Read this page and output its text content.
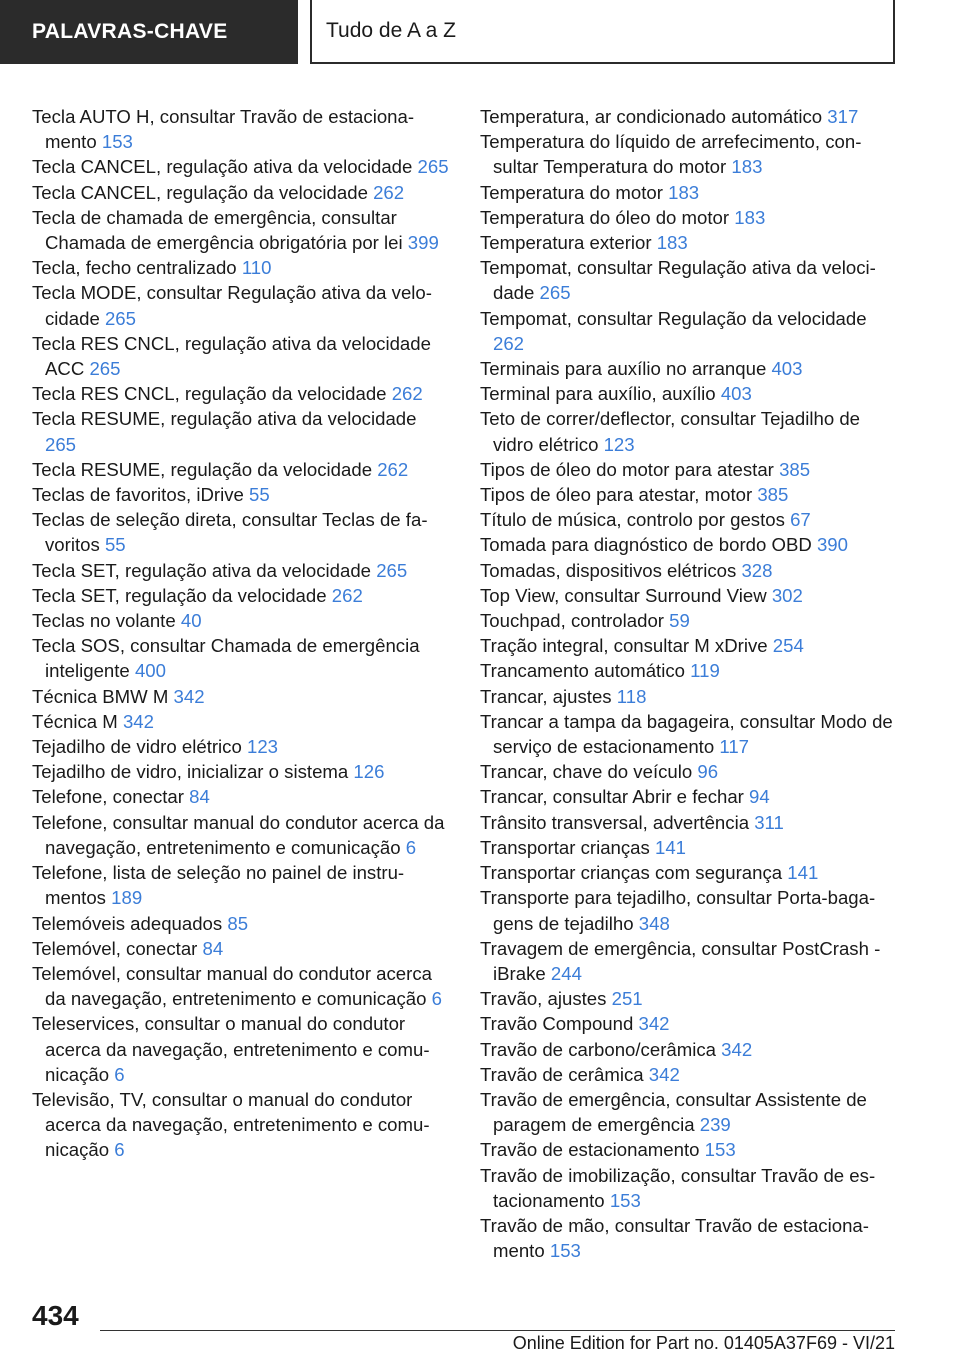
PALAVRAS-CHAVE	Tudo de A a Z
Tecla AUTO H, consultar Travão de estacionamento 153
Tecla CANCEL, regulação ativa da velocidade 265
Tecla CANCEL, regulação da velocidade 262
Tecla de chamada de emergência, consultar Chamada de emergência obrigatória por lei 399
Tecla, fecho centralizado 110
Tecla MODE, consultar Regulação ativa da velocidade 265
Tecla RES CNCL, regulação ativa da velocidade ACC 265
Tecla RES CNCL, regulação da velocidade 262
Tecla RESUME, regulação ativa da velocidade 265
Tecla RESUME, regulação da velocidade 262
Teclas de favoritos, iDrive 55
Teclas de seleção direta, consultar Teclas de favoritos 55
Tecla SET, regulação ativa da velocidade 265
Tecla SET, regulação da velocidade 262
Teclas no volante 40
Tecla SOS, consultar Chamada de emergência inteligente 400
Técnica BMW M 342
Técnica M 342
Tejadilho de vidro elétrico 123
Tejadilho de vidro, inicializar o sistema 126
Telefone, conectar 84
Telefone, consultar manual do condutor acerca da navegação, entretenimento e comunicação 6
Telefone, lista de seleção no painel de instrumentos 189
Telemóveis adequados 85
Telemóvel, conectar 84
Telemóvel, consultar manual do condutor acerca da navegação, entretenimento e comunicação 6
Teleservices, consultar o manual do condutor acerca da navegação, entretenimento e comunicação 6
Televisão, TV, consultar o manual do condutor acerca da navegação, entretenimento e comunicação 6
Temperatura, ar condicionado automático 317
Temperatura do líquido de arrefecimento, consultar Temperatura do motor 183
Temperatura do motor 183
Temperatura do óleo do motor 183
Temperatura exterior 183
Tempomat, consultar Regulação ativa da velocidade 265
Tempomat, consultar Regulação da velocidade 262
Terminais para auxílio no arranque 403
Terminal para auxílio, auxílio 403
Teto de correr/deflector, consultar Tejadilho de vidro elétrico 123
Tipos de óleo do motor para atestar 385
Tipos de óleo para atestar, motor 385
Título de música, controlo por gestos 67
Tomada para diagnóstico de bordo OBD 390
Tomadas, dispositivos elétricos 328
Top View, consultar Surround View 302
Touchpad, controlador 59
Tração integral, consultar M xDrive 254
Trancamento automático 119
Trancar, ajustes 118
Trancar a tampa da bagageira, consultar Modo de serviço de estacionamento 117
Trancar, chave do veículo 96
Trancar, consultar Abrir e fechar 94
Trânsito transversal, advertência 311
Transportar crianças 141
Transportar crianças com segurança 141
Transporte para tejadilho, consultar Porta-bagagens de tejadilho 348
Travagem de emergência, consultar PostCrash - iBrake 244
Travão, ajustes 251
Travão Compound 342
Travão de carbono/cerâmica 342
Travão de cerâmica 342
Travão de emergência, consultar Assistente de paragem de emergência 239
Travão de estacionamento 153
Travão de imobilização, consultar Travão de estacionamento 153
Travão de mão, consultar Travão de estacionamento 153
434
Online Edition for Part no. 01405A37F69 - VI/21
